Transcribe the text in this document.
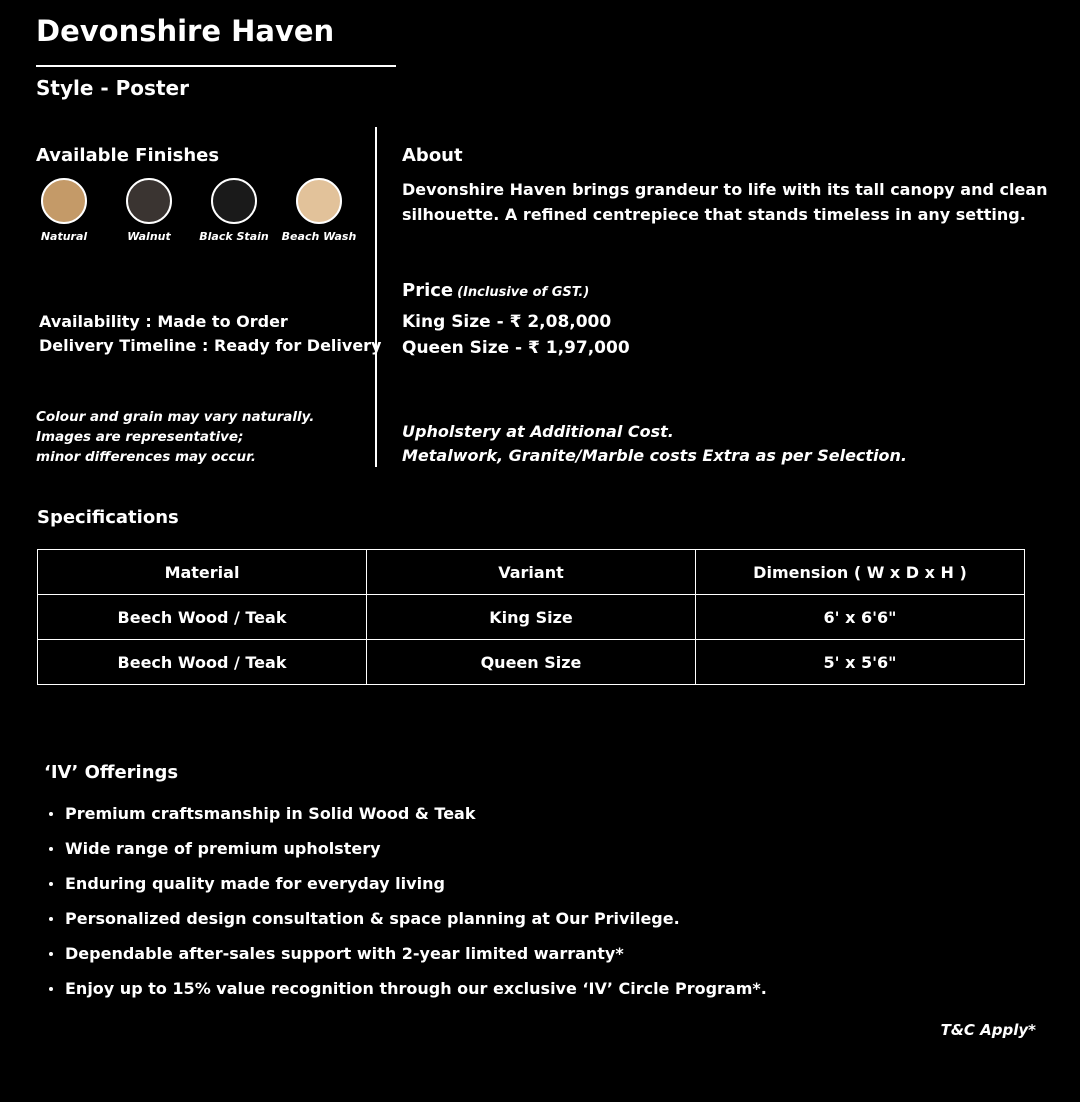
Devonshire Haven
Style - Poster
Available Finishes
Natural	Walnut	Black Stain	Beach Wash
Availability : Made to Order
Delivery Timeline : Ready for Delivery
Colour and grain may vary naturally.
Images are representative;
minor differences may occur.
About
Devonshire Haven brings grandeur to life with its tall canopy and clean silhouette. A refined centrepiece that stands timeless in any setting.
Price (Inclusive of GST.)
King Size - ₹ 2,08,000
Queen Size - ₹ 1,97,000
Upholstery at Additional Cost.
Metalwork, Granite/Marble costs Extra as per Selection.
Specifications
Material	Variant	Dimension ( W x D x H )
Beech Wood / Teak	King Size	6' x 6'6"
Beech Wood / Teak	Queen Size	5' x 5'6"
‘IV’ Offerings
Premium craftsmanship in Solid Wood & Teak
Wide range of premium upholstery
Enduring quality made for everyday living
Personalized design consultation & space planning at Our Privilege.
Dependable after-sales support with 2-year limited warranty*
Enjoy up to 15% value recognition through our exclusive ‘IV’ Circle Program*.
T&C Apply*
